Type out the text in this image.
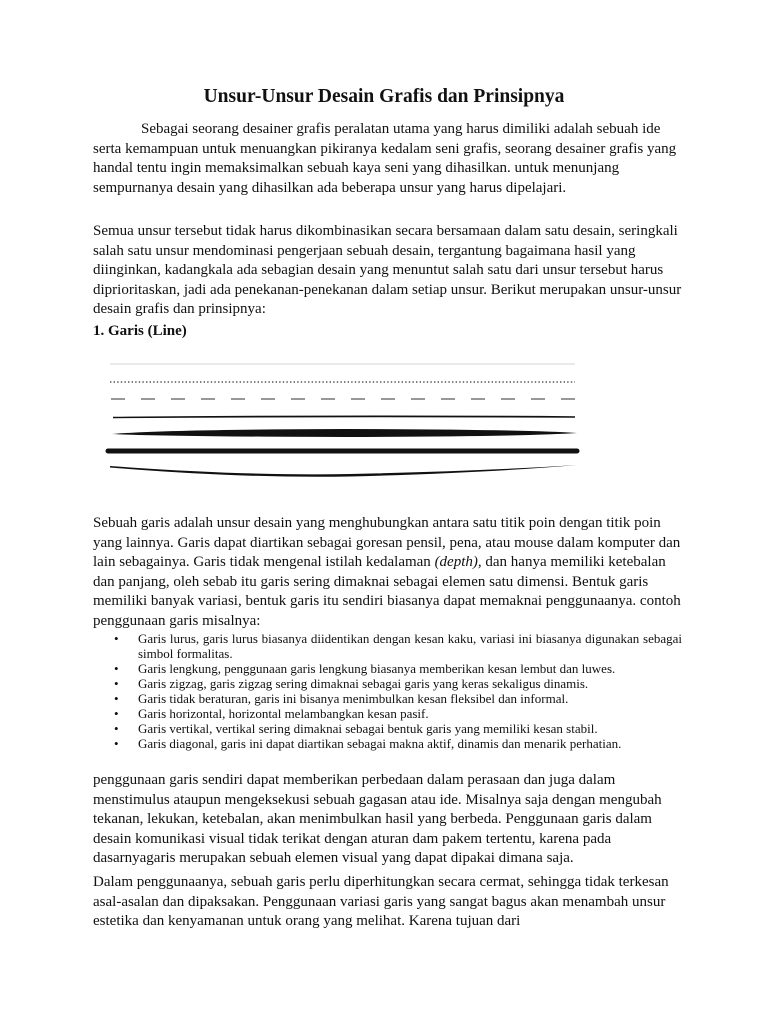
Unsur-Unsur Desain Grafis dan Prinsipnya

Sebagai seorang desainer grafis peralatan utama yang harus dimiliki adalah sebuah ide serta kemampuan untuk menuangkan pikiranya kedalam seni grafis, seorang desainer grafis yang handal tentu ingin memaksimalkan sebuah kaya seni yang dihasilkan. untuk menunjang sempurnanya desain yang dihasilkan ada beberapa unsur yang harus dipelajari.

Semua unsur tersebut tidak harus dikombinasikan secara bersamaan dalam satu desain, seringkali salah satu unsur mendominasi pengerjaan sebuah desain, tergantung bagaimana hasil yang diinginkan, kadangkala ada sebagian desain yang menuntut salah satu dari unsur tersebut harus diprioritaskan, jadi ada penekanan-penekanan dalam setiap unsur. Berikut merupakan unsur-unsur desain grafis dan prinsipnya:

1. Garis (Line)

Sebuah garis adalah unsur desain yang menghubungkan antara satu titik poin dengan titik poin yang lainnya. Garis dapat diartikan sebagai goresan pensil, pena, atau mouse dalam komputer dan lain sebagainya. Garis tidak mengenal istilah kedalaman (depth), dan hanya memiliki ketebalan dan panjang, oleh sebab itu garis sering dimaknai sebagai elemen satu dimensi. Bentuk garis memiliki banyak variasi, bentuk garis itu sendiri biasanya dapat memaknai penggunaanya. contoh penggunaan garis misalnya:

• Garis lurus, garis lurus biasanya diidentikan dengan kesan kaku, variasi ini biasanya digunakan sebagai simbol formalitas.
• Garis lengkung, penggunaan garis lengkung biasanya memberikan kesan lembut dan luwes.
• Garis zigzag, garis zigzag sering dimaknai sebagai garis yang keras sekaligus dinamis.
• Garis tidak beraturan, garis ini bisanya menimbulkan kesan fleksibel dan informal.
• Garis horizontal, horizontal melambangkan kesan pasif.
• Garis vertikal, vertikal sering dimaknai sebagai bentuk garis yang memiliki kesan stabil.
• Garis diagonal, garis ini dapat diartikan sebagai makna aktif, dinamis dan menarik perhatian.

penggunaan garis sendiri dapat memberikan perbedaan dalam perasaan dan juga dalam menstimulus ataupun mengeksekusi sebuah gagasan atau ide. Misalnya saja dengan mengubah tekanan, lekukan, ketebalan, akan menimbulkan hasil yang berbeda. Penggunaan garis dalam desain komunikasi visual tidak terikat dengan aturan dam pakem tertentu, karena pada dasarnyagaris merupakan sebuah elemen visual yang dapat dipakai dimana saja.

Dalam penggunaanya, sebuah garis perlu diperhitungkan secara cermat, sehingga tidak terkesan asal-asalan dan dipaksakan. Penggunaan variasi garis yang sangat bagus akan menambah unsur estetika dan kenyamanan untuk orang yang melihat. Karena tujuan dari
